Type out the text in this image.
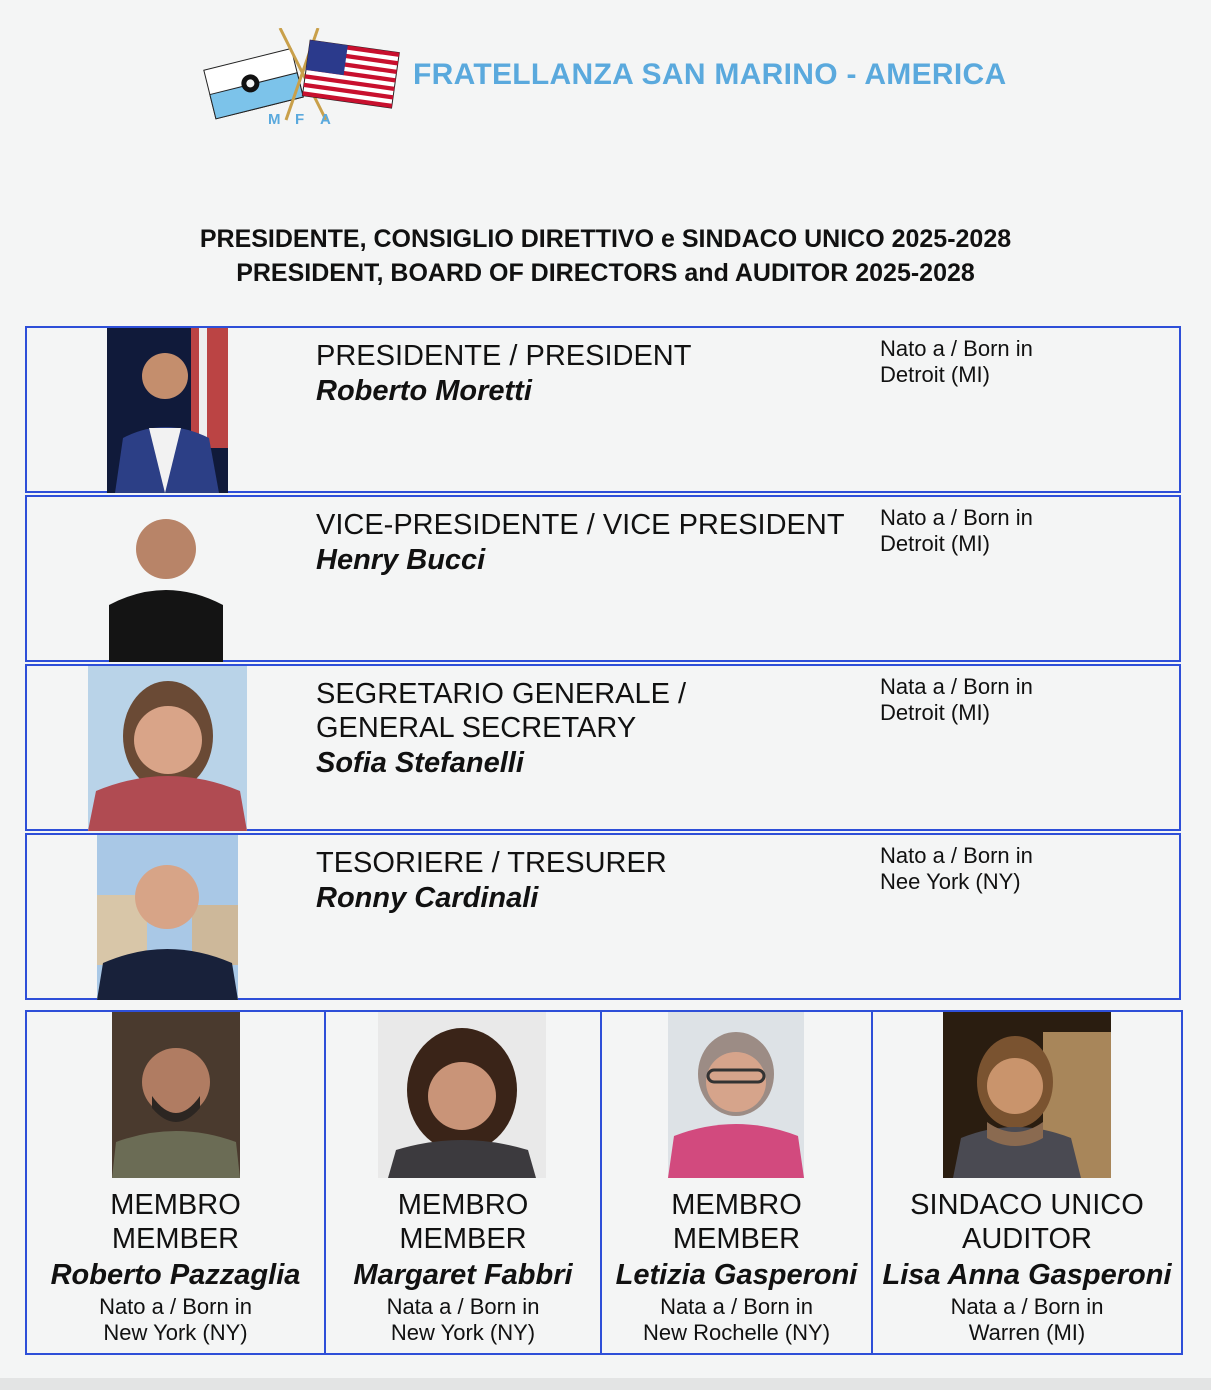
M F A
FRATELLANZA SAN MARINO - AMERICA
PRESIDENTE, CONSIGLIO DIRETTIVO e SINDACO UNICO 2025-2028
PRESIDENT, BOARD OF DIRECTORS and AUDITOR 2025-2028
PRESIDENTE / PRESIDENT
Roberto Moretti
Nato a / Born in
Detroit (MI)
VICE-PRESIDENTE / VICE PRESIDENT
Henry Bucci
Nato a / Born in
Detroit (MI)
SEGRETARIO GENERALE /
GENERAL SECRETARY
Sofia Stefanelli
Nata a / Born in
Detroit (MI)
TESORIERE / TRESURER
Ronny Cardinali
Nato a / Born in
Nee York (NY)
MEMBRO
MEMBER
Roberto Pazzaglia
Nato a / Born in
New York (NY)
MEMBRO
MEMBER
Margaret Fabbri
Nata a / Born in
New York (NY)
MEMBRO
MEMBER
Letizia Gasperoni
Nata a / Born in
New Rochelle (NY)
SINDACO UNICO
AUDITOR
Lisa Anna Gasperoni
Nata a / Born in
Warren (MI)
